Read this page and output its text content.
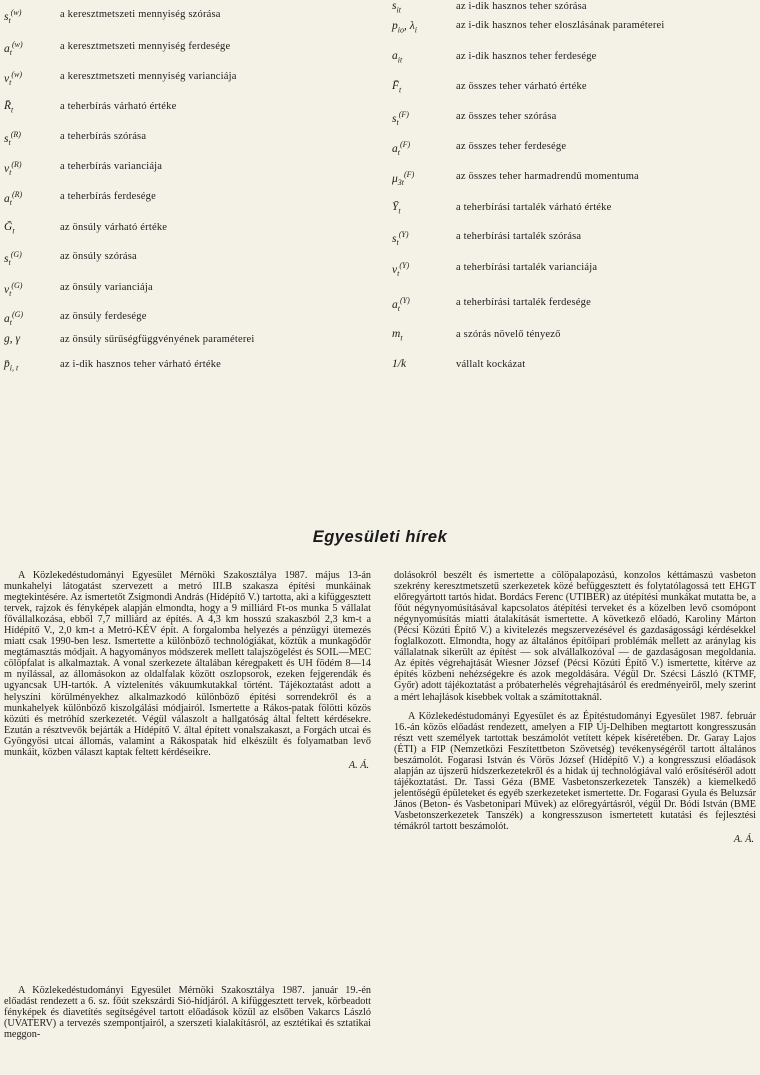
$s_t^{(w)}$	a keresztmetszeti mennyiség szórása
$a_t^{(w)}$	a keresztmetszeti mennyiség ferdesége
$v_t^{(w)}$	a keresztmetszeti mennyiség varianciája
$R̄_t$	a teherbírás várható értéke
$s_t^{(R)}$	a teherbírás szórása
$v_t^{(R)}$	a teherbírás varianciája
$a_t^{(R)}$	a teherbírás ferdesége
Ḡ$_t$	az önsúly várható értéke
$s_t^{(G)}$	az önsúly szórása
$v_t^{(G)}$	az önsúly varianciája
$a_t^{(G)}$	az önsúly ferdesége
g, γ	az önsúly sűrűségfüggvényének paraméterei
$p̄_{i, t}$	az i-dik hasznos teher várható értéke
$s_{it}$	az i-dik hasznos teher szórása
$p_{io}$, $\lambda_i$	az i-dik hasznos teher eloszlásának paraméterei
$a_{it}$	az i-dik hasznos teher ferdesége
$F̄_t$	az összes teher várható értéke
$s_t^{(F)}$	az összes teher szórása
$a_t^{(F)}$	az összes teher ferdesége
$\mu_{3t}^{(F)}$	az összes teher harmadrendű momentuma
$Ȳ_t$	a teherbírási tartalék várható értéke
$s_t^{(Y)}$	a teherbírási tartalék szórása
$v_t^{(Y)}$	a teherbírási tartalék varianciája
$a_t^{(Y)}$	a teherbírási tartalék ferdesége
$m_t$	a szórás növelő tényező
1/k	vállalt kockázat
Egyesületi hírek

A Közlekedéstudományi Egyesület Mérnöki Szakosztálya 1987. május 13-án munkahelyi látogatást szervezett a metró III.B szakasza építési munkáinak megtekintésére. Az ismertetőt Zsigmondi András (Hídépítő V.) tartotta, aki a kifüggesztett tervek, rajzok és fényképek alapján elmondta, hogy a 9 milliárd Ft-os munka 5 vállalat fővállalkozása, ebből 7,7 milliárd az építés. A 4,3 km hosszú szakaszból 2,3 km-t a Hídépítő V., 2,0 km-t a Metró-KÉV épít. A forgalomba helyezés a pénzügyi ütemezés miatt csak 1990-ben lesz. Ismertette a különböző technológiákat, köztük a munkagödör megtámasztás módjait. A hagyományos módszerek mellett talajszögelést és SOIL—MEC cölöpfalat is alkalmaztak. A vonal szerkezete általában kéregpakett és UH födém 8—14 m nyílással, az állomásokon az oldalfalak között oszlopsorok, ezeken fejgerendák és ugyancsak UH-tartók. A víztelenítés vákuumkutakkal történt. Tájékoztatást adott a helyszíni körülményekhez alkalmazkodó különböző építési sorrendekről és a munkahelyek különböző kiszolgálási módjairól. Ismertette a Rákos-patak fölötti közös közúti és metróhíd szerkezetét. Végül válaszolt a hallgatóság által feltett kérdésekre. Ezután a résztvevők bejárták a Hídépítő V. által épített vonalszakaszt, a Forgách utcai és Gyöngyösi utcai állomás, valamint a Rákospatak híd elkészült és folyamatban levő munkáit, közben választ kaptak feltett kérdéseikre.

A. Á.

A Közlekedéstudományi Egyesület Mérnöki Szakosztálya 1987. január 19.-én előadást rendezett a 6. sz. főút szekszárdi Sió-hídjáról. A kifüggesztett tervek, körbeadott fényképek és diavetítés segítségével tartott előadások közül az elsőben Vakarcs László (UVATERV) a tervezés szempontjairól, a szerszeti kialakításról, az esztétikai és sztatikai meggon-

dolásokról beszélt és ismertette a cölöpalapozású, konzolos kéttámaszú vasbeton szekrény keresztmetszetű szerkezetek közé befüggesztett és folytatólagossá tett EHGT előregyártott tartós hidat. Bordács Ferenc (UTIBER) az útépítési munkákat mutatta be, a főút négynyomúsításával kapcsolatos átépítési terveket és a közelben levő csomópont négynyomúsítás miatti átalakítását ismertette. A következő előadó, Karoliny Márton (Pécsi Közúti Építő V.) a kivitelezés megszervezésével és gazdaságossági kérdésekkel foglalkozott. Elmondta, hogy az általános építőipari problémák mellett az aránylag kis vállalatnak sikerült az építést — sok alvállalkozóval — de gazdaságosan megoldania. Az építés végrehajtását Wiesner József (Pécsi Közúti Építő V.) ismertette, kitérve az építés közbeni nehézségekre és azok megoldására. Végül Dr. Szécsi László (KTMF, Győr) adott tájékoztatást a próbaterhelés végrehajtásáról és eredményeiről, mely szerint a mért lehajlások kisebbek voltak a számítottaknál.

A Közlekedéstudományi Egyesület és az Építéstudományi Egyesület 1987. február 16.-án közös előadást rendezett, amelyen a FIP Új-Delhiben megtartott kongresszusán részt vett személyek tartottak beszámolót vetített képek kíséretében. Dr. Garay Lajos (ÉTI) a FIP (Nemzetközi Feszítettbeton Szövetség) tevékenységéről tartott általános beszámolót. Fogarasi István és Vörös József (Hídépítő V.) a kongresszusi előadások alapján az újszerű hídszerkezetekről és a hidak új technológiával való erősítéséről adott tájékoztatást. Dr. Tassi Géza (BME Vasbetonszerkezetek Tanszék) a kiemelkedő jelentőségű épületeket és egyéb szerkezeteket ismertette. Dr. Fogarasi Gyula és Beluzsár János (Beton- és Vasbetonipari Művek) az előregyártásról, végül Dr. Bódi István (BME Vasbetonszerkezetek Tanszék) a kongresszuson ismertetett kutatási és fejlesztési témákról tartott beszámolót.

A. Á.
